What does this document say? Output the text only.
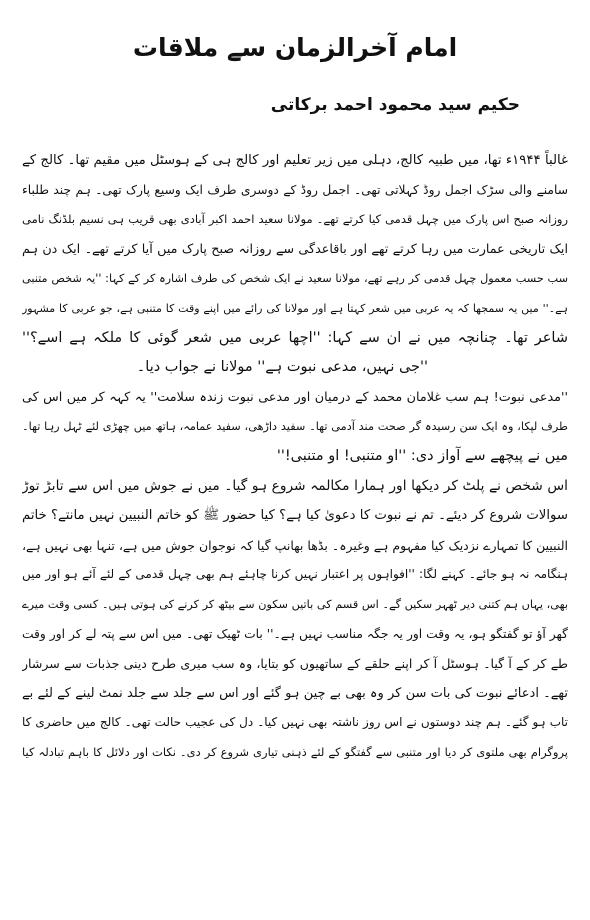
امام آخرالزمان سے ملاقات
حکیم سید محمود احمد برکاتی
غالباً ۱۹۴۴ء تھا، میں طبیہ کالج، دہلی میں زیر تعلیم اور کالج ہی کے ہوسٹل میں مقیم تھا۔ کالج کے
سامنے والی سڑک اجمل روڈ کہلاتی تھی۔ اجمل روڈ کے دوسری طرف ایک وسیع پارک تھی۔ ہم چند طلباء
روزانہ صبح اس پارک میں چہل قدمی کیا کرتے تھے۔ مولانا سعید احمد اکبر آبادی بھی قریب ہی نسیم بلڈنگ نامی
ایک تاریخی عمارت میں رہا کرتے تھے اور باقاعدگی سے روزانہ صبح پارک میں آیا کرتے تھے۔ ایک دن ہم
سب حسب معمول چہل قدمی کر رہے تھے، مولانا سعید نے ایک شخص کی طرف اشارہ کر کے کہا: ''یہ شخص متنبی
ہے۔'' میں یہ سمجھا کہ یہ عربی میں شعر کہتا ہے اور مولانا کی رائے میں اپنے وقت کا متنبی ہے، جو عربی کا مشہور
شاعر تھا۔ چنانچہ میں نے ان سے کہا: ''اچھا عربی میں شعر گوئی کا ملکہ ہے اسے؟''
''جی نہیں، مدعی نبوت ہے'' مولانا نے جواب دیا۔
''مدعی نبوت! ہم سب غلامان محمد کے درمیان اور مدعی نبوت زندہ سلامت'' یہ کہہ کر میں اس کی
طرف لپکا، وہ ایک سن رسیدہ گر صحت مند آدمی تھا۔ سفید داڑھی، سفید عمامہ، ہاتھ میں چھڑی لئے ٹہل رہا تھا۔
میں نے پیچھے سے آواز دی: ''او متنبی! او متنبی!''
اس شخص نے پلٹ کر دیکھا اور ہمارا مکالمہ شروع ہو گیا۔ میں نے جوش میں اس سے تابڑ توڑ
سوالات شروع کر دیئے۔ تم نے نبوت کا دعویٰ کیا ہے؟ کیا حضور ﷺ کو خاتم النبیین نہیں مانتے؟ خاتم
النبیین کا تمہارے نزدیک کیا مفہوم ہے وغیرہ۔ بڈھا بھانپ گیا کہ نوجوان جوش میں ہے، تنہا بھی نہیں ہے،
ہنگامہ نہ ہو جائے۔ کہنے لگا: ''افواہوں پر اعتبار نہیں کرنا چاہئے ہم بھی چہل قدمی کے لئے آئے ہو اور میں
بھی، یہاں ہم کتنی دیر ٹھہر سکیں گے۔ اس قسم کی باتیں سکون سے بیٹھ کر کرنے کی ہوتی ہیں۔ کسی وقت میرے
گھر آؤ تو گفتگو ہو، یہ وقت اور یہ جگہ مناسب نہیں ہے۔'' بات ٹھیک تھی۔ میں اس سے پتہ لے کر اور وقت
طے کر کے آ گیا۔ ہوسٹل آ کر اپنے حلقے کے ساتھیوں کو بتایا، وہ سب میری طرح دینی جذبات سے سرشار
تھے۔ ادعائے نبوت کی بات سن کر وہ بھی بے چین ہو گئے اور اس سے جلد سے جلد نمٹ لینے کے لئے بے
تاب ہو گئے۔ ہم چند دوستوں نے اس روز ناشتہ بھی نہیں کیا۔ دل کی عجیب حالت تھی۔ کالج میں حاضری کا
پروگرام بھی ملتوی کر دیا اور متنبی سے گفتگو کے لئے ذہنی تیاری شروع کر دی۔ نکات اور دلائل کا باہم تبادلہ کیا
